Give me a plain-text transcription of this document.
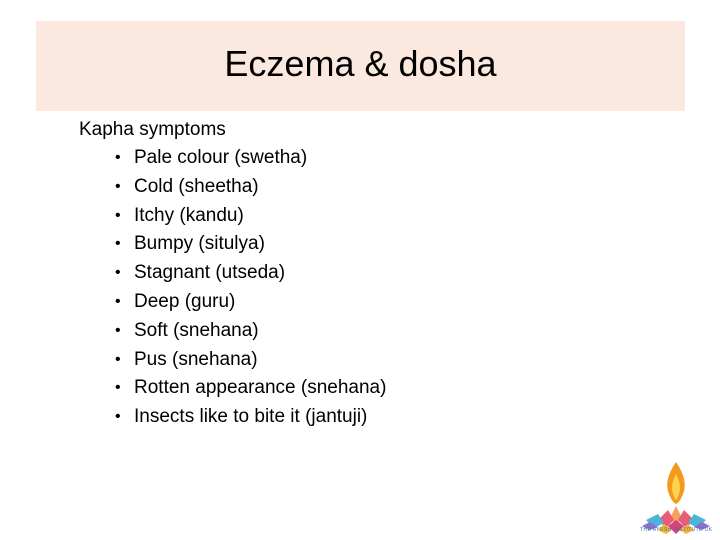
Eczema & dosha

Kapha symptoms

• Pale colour (swetha)
• Cold (sheetha)
• Itchy (kandu)
• Bumpy (situlya)
• Stagnant (utseda)
• Deep (guru)
• Soft (snehana)
• Pus (snehana)
• Rotten appearance (snehana)
• Insects like to bite it (jantuji)
THE AYUSH INSTITUTE UK
